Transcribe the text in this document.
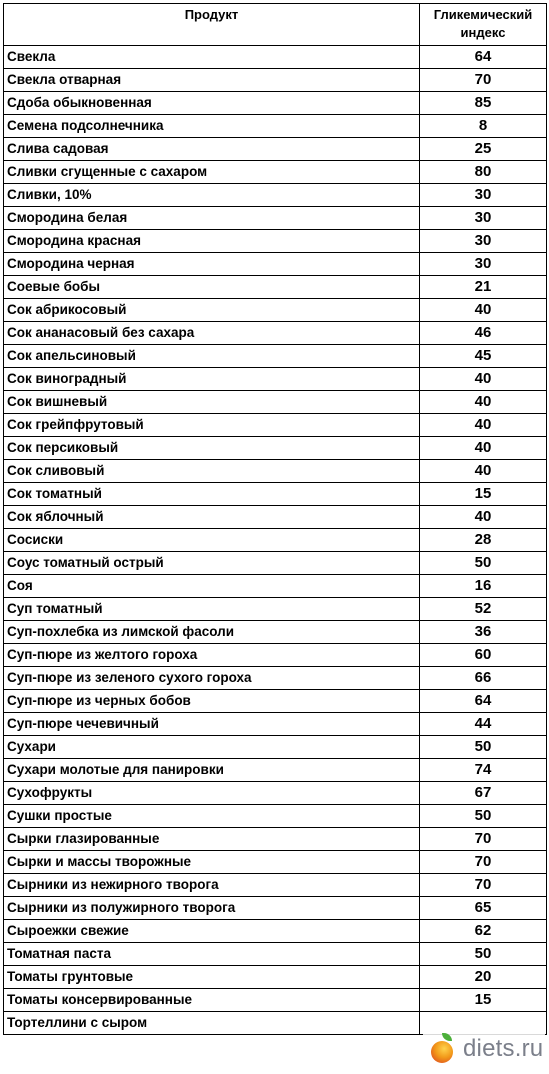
Продукт	Гликемический индекс
Свекла	64
Свекла отварная	70
Сдоба обыкновенная	85
Семена подсолнечника	8
Слива садовая	25
Сливки сгущенные с сахаром	80
Сливки, 10%	30
Смородина белая	30
Смородина красная	30
Смородина черная	30
Соевые бобы	21
Сок абрикосовый	40
Сок ананасовый без сахара	46
Сок апельсиновый	45
Сок виноградный	40
Сок вишневый	40
Сок грейпфрутовый	40
Сок персиковый	40
Сок сливовый	40
Сок томатный	15
Сок яблочный	40
Сосиски	28
Соус томатный острый	50
Соя	16
Суп томатный	52
Суп-похлебка из лимской фасоли	36
Суп-пюре из желтого гороха	60
Суп-пюре из зеленого сухого гороха	66
Суп-пюре из черных бобов	64
Суп-пюре чечевичный	44
Сухари	50
Сухари молотые для панировки	74
Сухофрукты	67
Сушки простые	50
Сырки глазированные	70
Сырки и массы творожные	70
Сырники из нежирного творога	70
Сырники из полужирного творога	65
Сыроежки свежие	62
Томатная паста	50
Томаты грунтовые	20
Томаты консервированные	15
Тортеллини с сыром	
diets.ru
